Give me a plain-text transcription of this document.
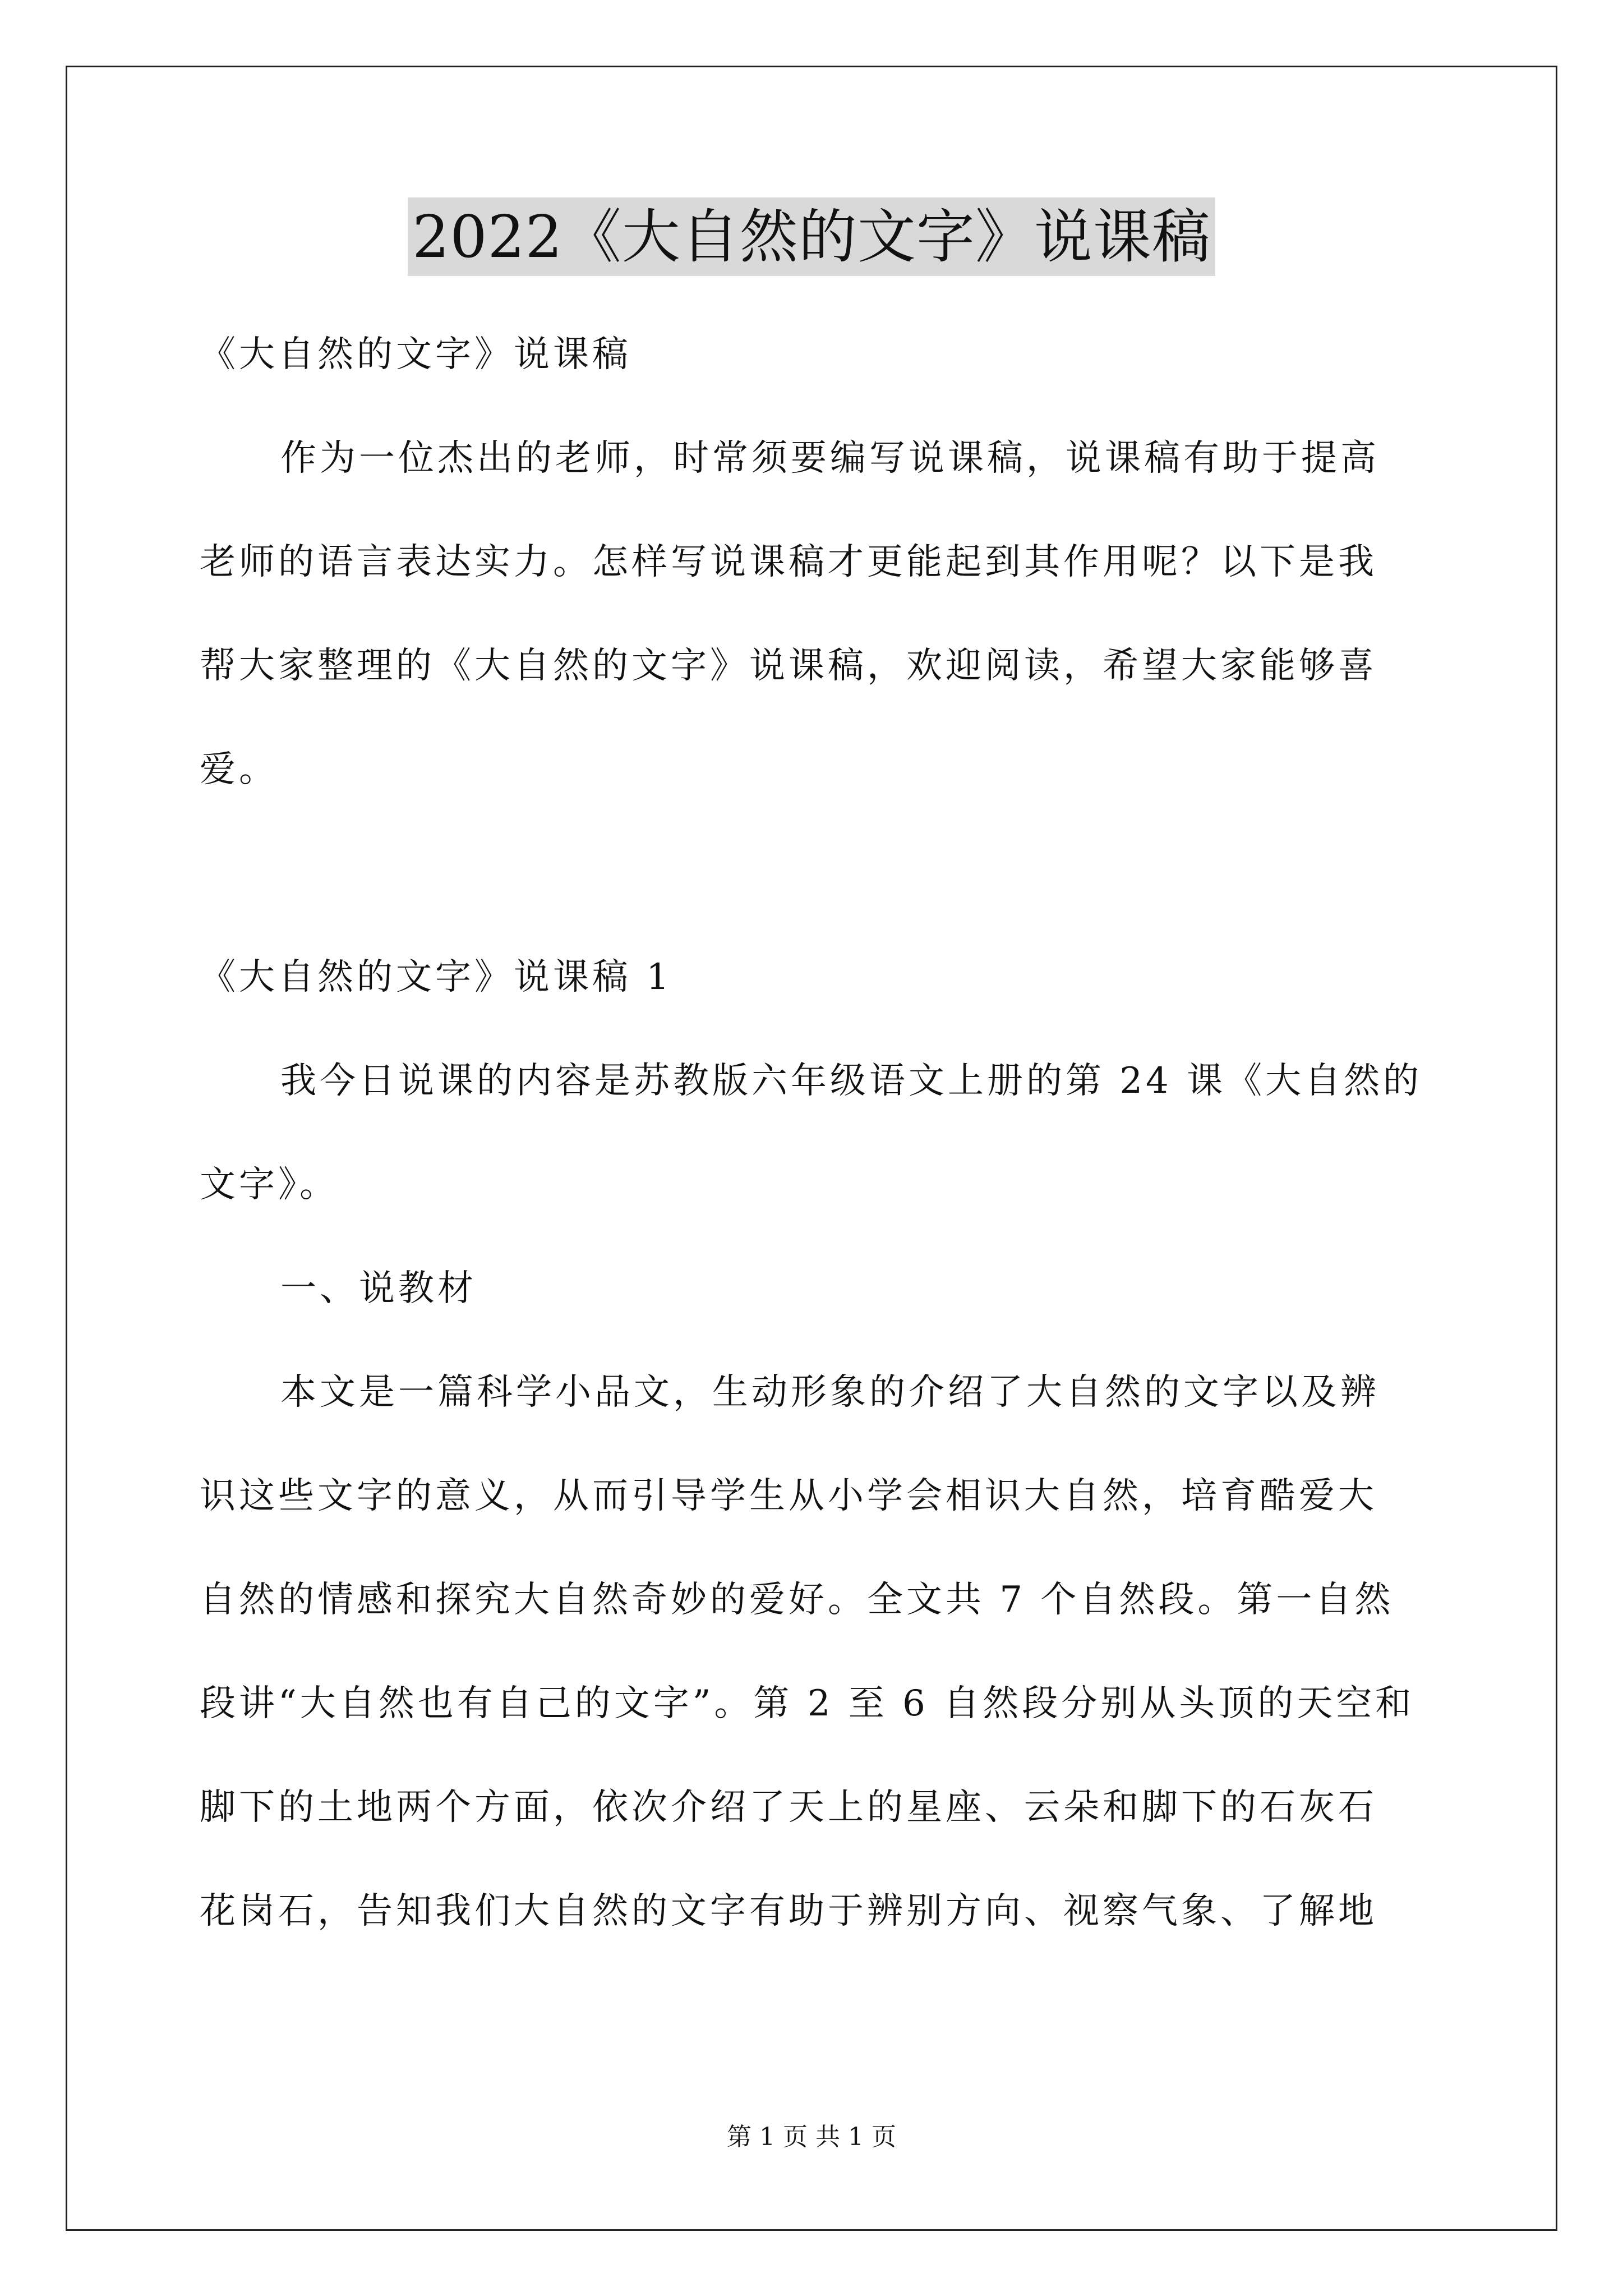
2022《大自然的文字》说课稿
《大自然的文字》说课稿
作为一位杰出的老师，时常须要编写说课稿，说课稿有助于提高
老师的语言表达实力。怎样写说课稿才更能起到其作用呢？以下是我
帮大家整理的《大自然的文字》说课稿，欢迎阅读，希望大家能够喜
爱。
《大自然的文字》说课稿 1
我今日说课的内容是苏教版六年级语文上册的第 24 课《大自然的
文字》。
一、说教材
本文是一篇科学小品文，生动形象的介绍了大自然的文字以及辨
识这些文字的意义，从而引导学生从小学会相识大自然，培育酷爱大
自然的情感和探究大自然奇妙的爱好。全文共 7 个自然段。第一自然
段讲“大自然也有自己的文字”。第 2 至 6 自然段分别从头顶的天空和
脚下的土地两个方面，依次介绍了天上的星座、云朵和脚下的石灰石
花岗石，告知我们大自然的文字有助于辨别方向、视察气象、了解地
第 1 页 共 1 页
